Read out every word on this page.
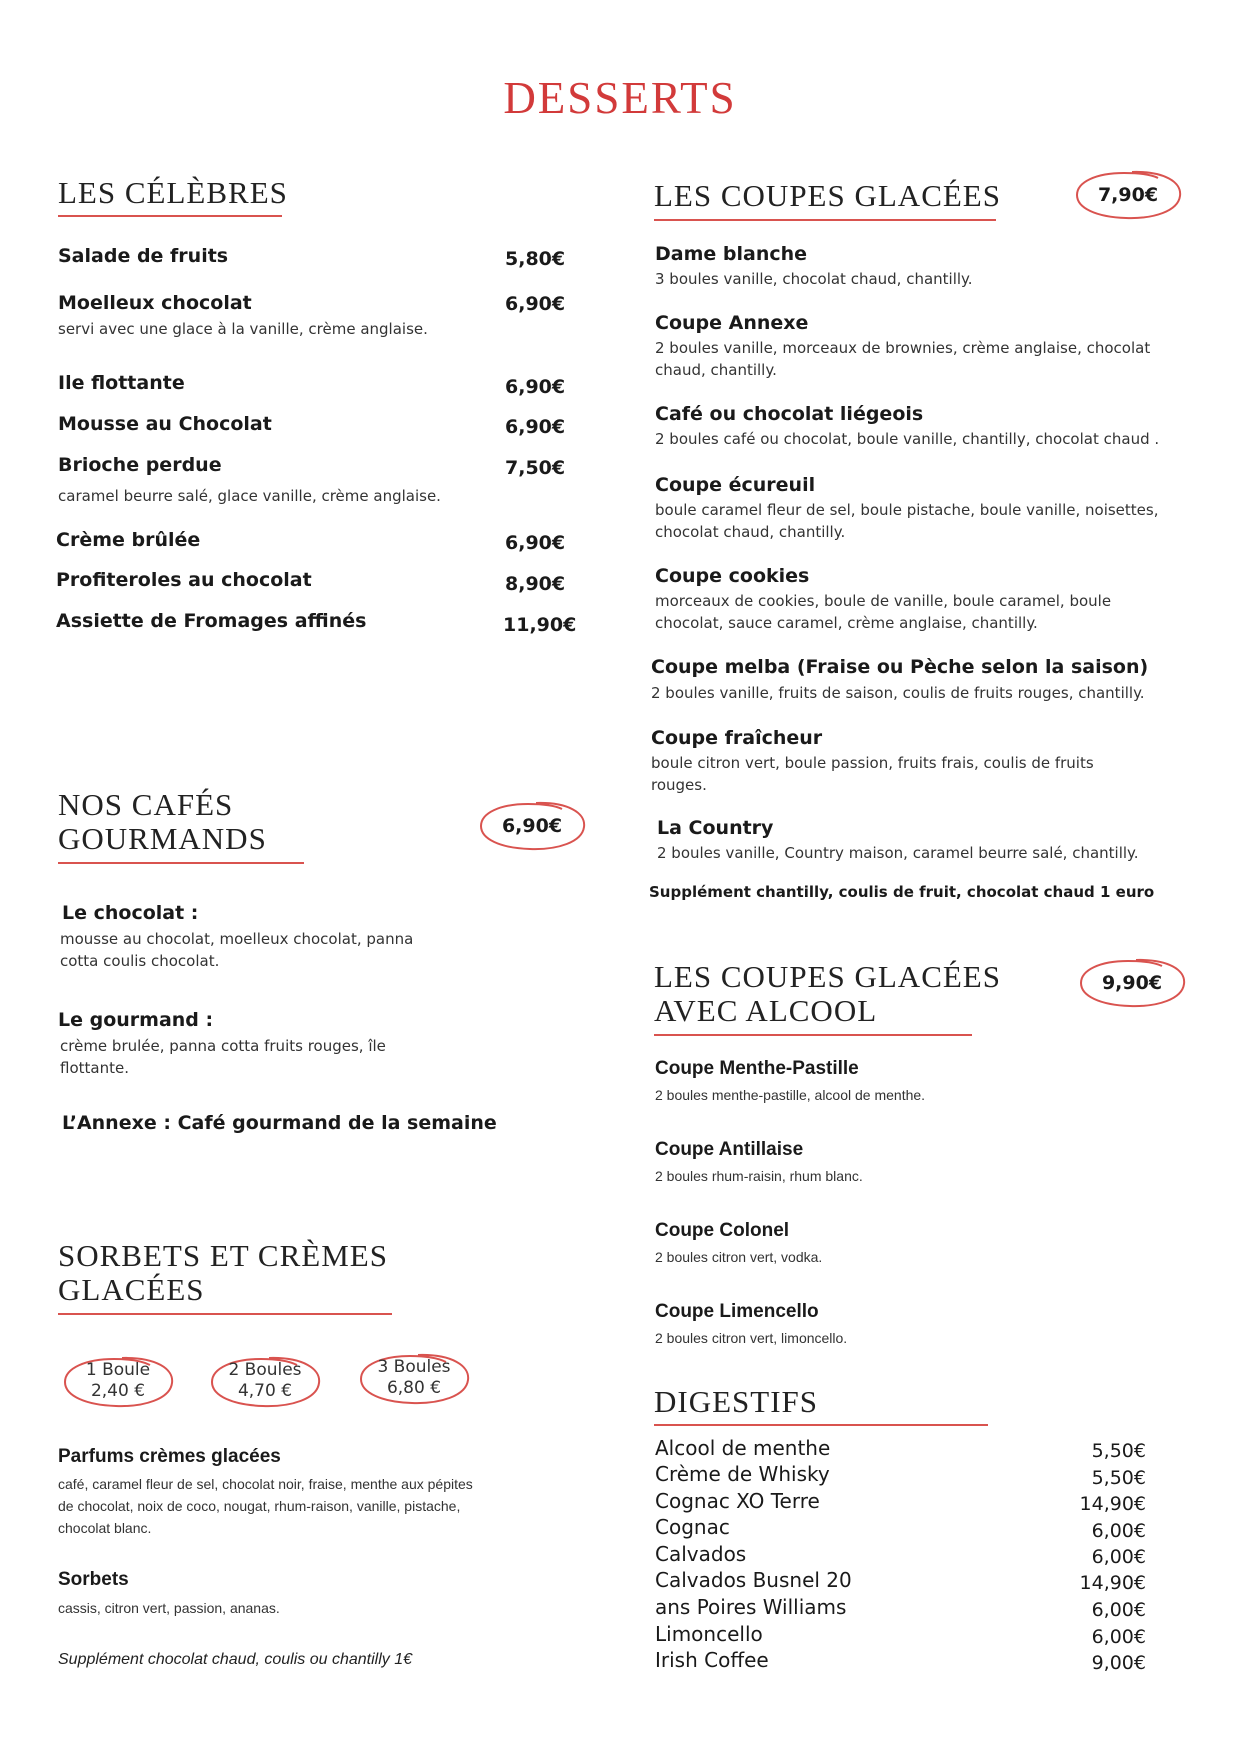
DESSERTS
LES CÉLÈBRES
Salade de fruits	5,80€
Moelleux chocolat	6,90€
servi avec une glace à la vanille, crème anglaise.
Ile flottante	6,90€
Mousse au Chocolat	6,90€
Brioche perdue	7,50€
caramel beurre salé, glace vanille, crème anglaise.
Crème brûlée	6,90€
Profiteroles au chocolat	8,90€
Assiette de Fromages affinés	11,90€
NOS CAFÉS
GOURMANDS	6,90€
Le chocolat :
mousse au chocolat, moelleux chocolat, panna
cotta coulis chocolat.
Le gourmand :
crème brulée, panna cotta fruits rouges, île
flottante.
L’Annexe : Café gourmand de la semaine
SORBETS ET CRÈMES
GLACÉES
1 Boule
2,40 €
2 Boules
4,70 €
3 Boules
6,80 €
Parfums crèmes glacées
café, caramel fleur de sel, chocolat noir, fraise, menthe aux pépites
de chocolat, noix de coco, nougat, rhum-raison, vanille, pistache,
chocolat blanc.
Sorbets
cassis, citron vert, passion, ananas.
Supplément chocolat chaud, coulis ou chantilly 1€
LES COUPES GLACÉES	7,90€
Dame blanche
3 boules vanille, chocolat chaud, chantilly.
Coupe Annexe
2 boules vanille, morceaux de brownies, crème anglaise, chocolat
chaud, chantilly.
Café ou chocolat liégeois
2 boules café ou chocolat, boule vanille, chantilly, chocolat chaud .
Coupe écureuil
boule caramel fleur de sel, boule pistache, boule vanille, noisettes,
chocolat chaud, chantilly.
Coupe cookies
morceaux de cookies, boule de vanille, boule caramel, boule
chocolat, sauce caramel, crème anglaise, chantilly.
Coupe melba (Fraise ou Pèche selon la saison)
2 boules vanille, fruits de saison, coulis de fruits rouges, chantilly.
Coupe fraîcheur
boule citron vert, boule passion, fruits frais, coulis de fruits
rouges.
La Country
2 boules vanille, Country maison, caramel beurre salé, chantilly.
Supplément chantilly, coulis de fruit, chocolat chaud 1 euro
LES COUPES GLACÉES
AVEC ALCOOL
9,90€
Coupe Menthe-Pastille
2 boules menthe-pastille, alcool de menthe.
Coupe Antillaise
2 boules rhum-raisin, rhum blanc.
Coupe Colonel
2 boules citron vert, vodka.
Coupe Limencello
2 boules citron vert, limoncello.
DIGESTIFS
Alcool de menthe	5,50€
Crème de Whisky	5,50€
Cognac XO Terre	14,90€
Cognac	6,00€
Calvados	6,00€
Calvados Busnel 20	14,90€
ans Poires Williams	6,00€
Limoncello	6,00€
Irish Coffee	9,00€
